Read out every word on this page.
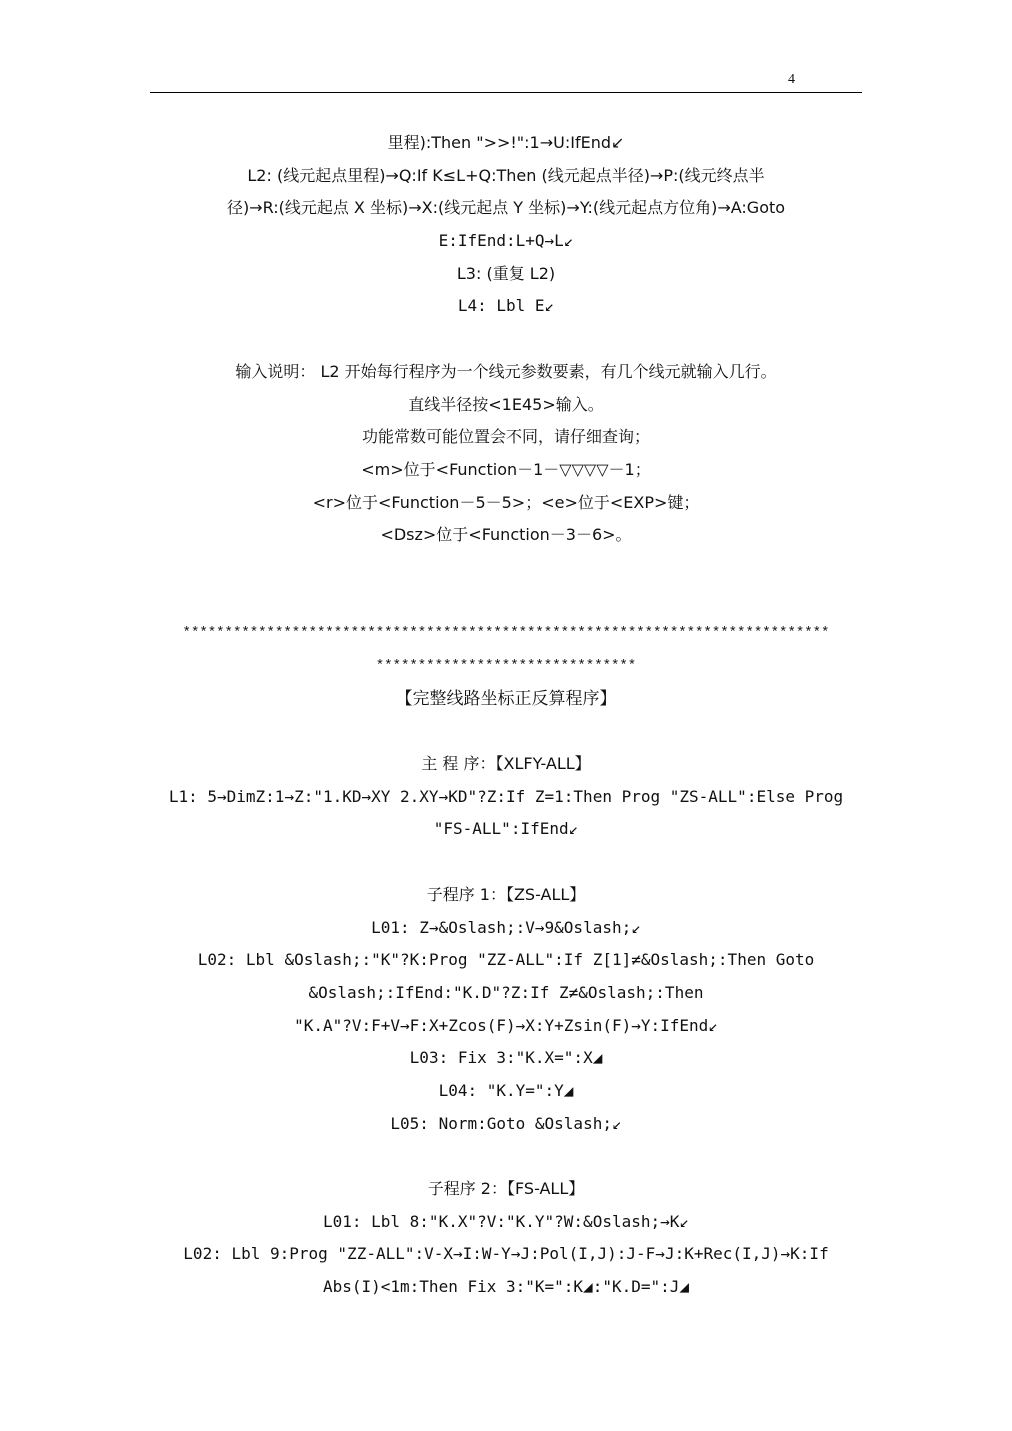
4
里程):Then ">>!":1→U:IfEnd↙
L2: (线元起点里程)→Q:If K≤L+Q:Then (线元起点半径)→P:(线元终点半
径)→R:(线元起点 X 坐标)→X:(线元起点 Y 坐标)→Y:(线元起点方位角)→A:Goto
E:IfEnd:L+Q→L↙
L3: (重复 L2)
L4: Lbl E↙
输入说明： L2 开始每行程序为一个线元参数要素，有几个线元就输入几行。
直线半径按<1E45>输入。
功能常数可能位置会不同，请仔细查询；
<m>位于<Function－1－▽▽▽▽－1；
<r>位于<Function－5－5>；<e>位于<EXP>键；
<Dsz>位于<Function－3－6>。
*****************************************************************************
*******************************
【完整线路坐标正反算程序】
主 程 序：【XLFY-ALL】
L1: 5→DimZ:1→Z:"1.KD→XY 2.XY→KD"?Z:If Z=1:Then Prog "ZS-ALL":Else Prog
"FS-ALL":IfEnd↙
子程序 1：【ZS-ALL】
L01: Z→&Oslash;:V→9&Oslash;↙
L02: Lbl &Oslash;:"K"?K:Prog "ZZ-ALL":If Z[1]≠&Oslash;:Then Goto
&Oslash;:IfEnd:"K.D"?Z:If Z≠&Oslash;:Then
"K.A"?V:F+V→F:X+Zcos(F)→X:Y+Zsin(F)→Y:IfEnd↙
L03: Fix 3:"K.X=":X◢
L04: "K.Y=":Y◢
L05: Norm:Goto &Oslash;↙
子程序 2：【FS-ALL】
L01: Lbl 8:"K.X"?V:"K.Y"?W:&Oslash;→K↙
L02: Lbl 9:Prog "ZZ-ALL":V-X→I:W-Y→J:Pol(I,J):J-F→J:K+Rec(I,J)→K:If
Abs(I)<1m:Then Fix 3:"K=":K◢:"K.D=":J◢
